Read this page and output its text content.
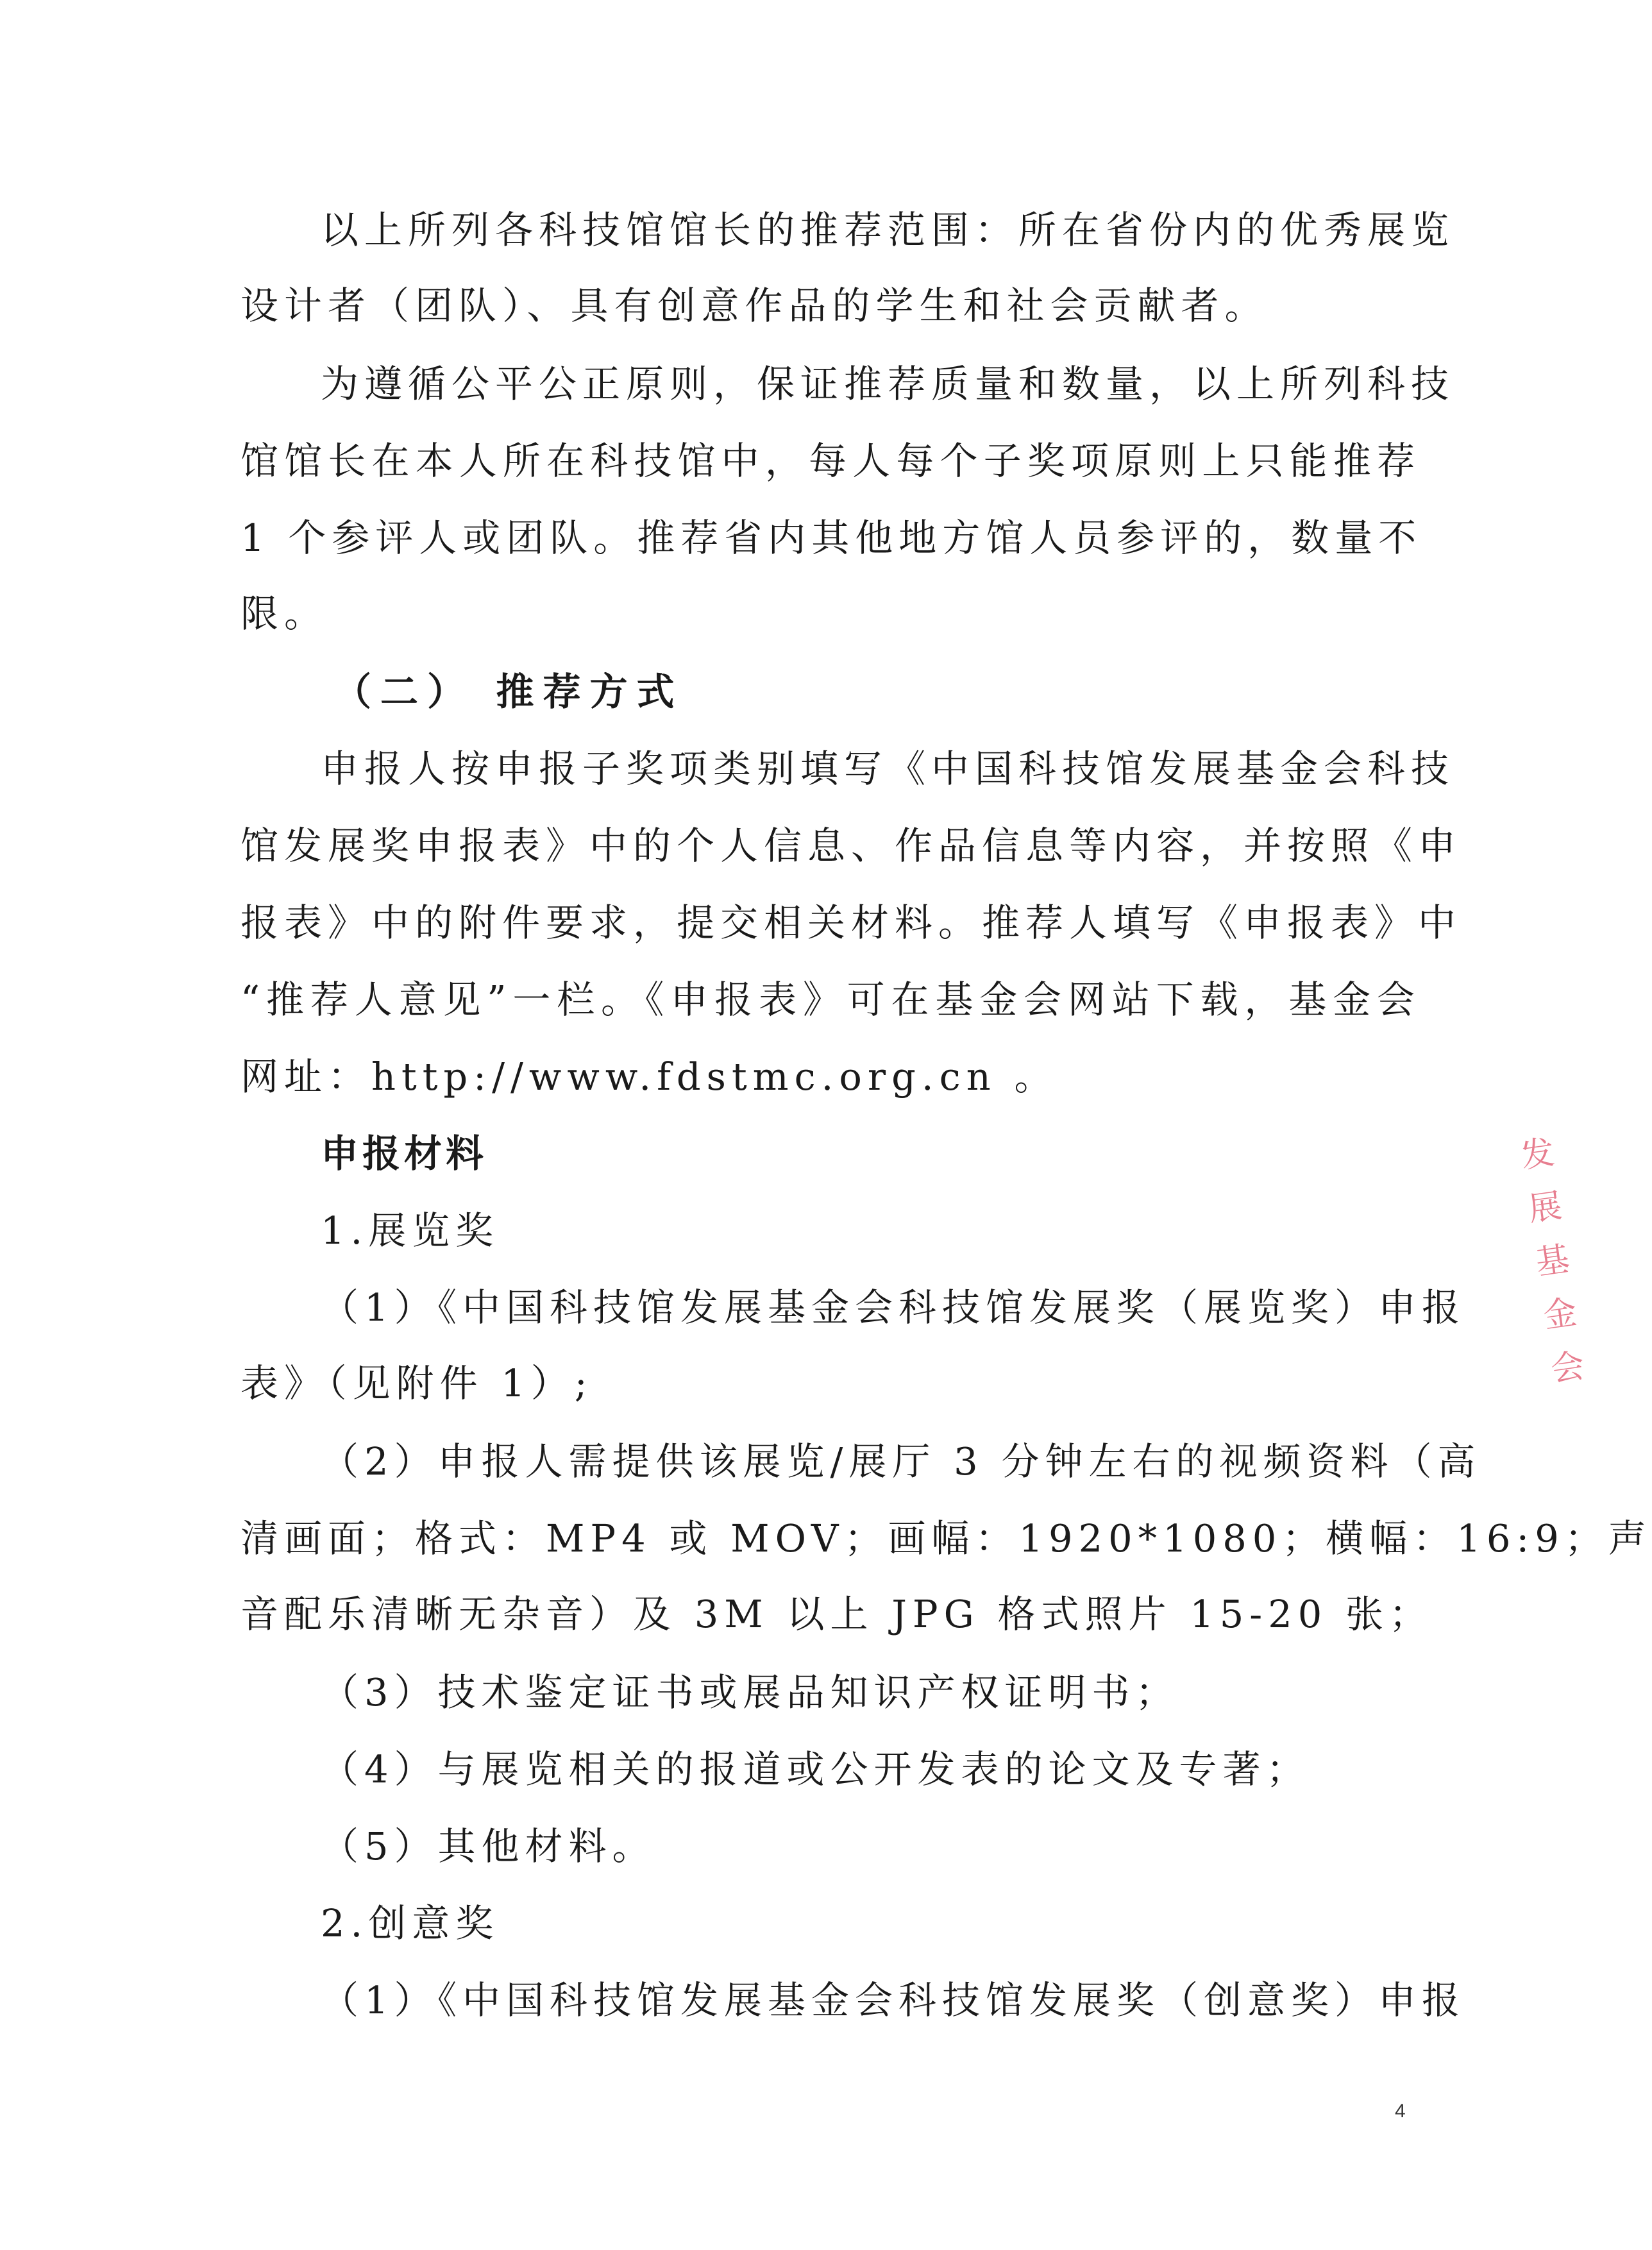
以上所列各科技馆馆长的推荐范围：所在省份内的优秀展览
设计者（团队）、具有创意作品的学生和社会贡献者。
为遵循公平公正原则，保证推荐质量和数量，以上所列科技
馆馆长在本人所在科技馆中，每人每个子奖项原则上只能推荐
1 个参评人或团队。推荐省内其他地方馆人员参评的，数量不
限。
（二） 推荐方式
申报人按申报子奖项类别填写《中国科技馆发展基金会科技
馆发展奖申报表》中的个人信息、作品信息等内容，并按照《申
报表》中的附件要求，提交相关材料。推荐人填写《申报表》中
“推荐人意见”一栏。《申报表》可在基金会网站下载，基金会
网址：http://www.fdstmc.org.cn 。
申报材料
1.展览奖
（1）《中国科技馆发展基金会科技馆发展奖（展览奖）申报
表》（见附件 1）;
（2）申报人需提供该展览/展厅 3 分钟左右的视频资料（高
清画面；格式：MP4 或 MOV；画幅：1920*1080；横幅：16:9；声
音配乐清晰无杂音）及 3M 以上 JPG 格式照片 15-20 张；
（3）技术鉴定证书或展品知识产权证明书；
（4）与展览相关的报道或公开发表的论文及专著；
（5）其他材料。
2.创意奖
（1）《中国科技馆发展基金会科技馆发展奖（创意奖）申报
发
展
基
金
会
4
